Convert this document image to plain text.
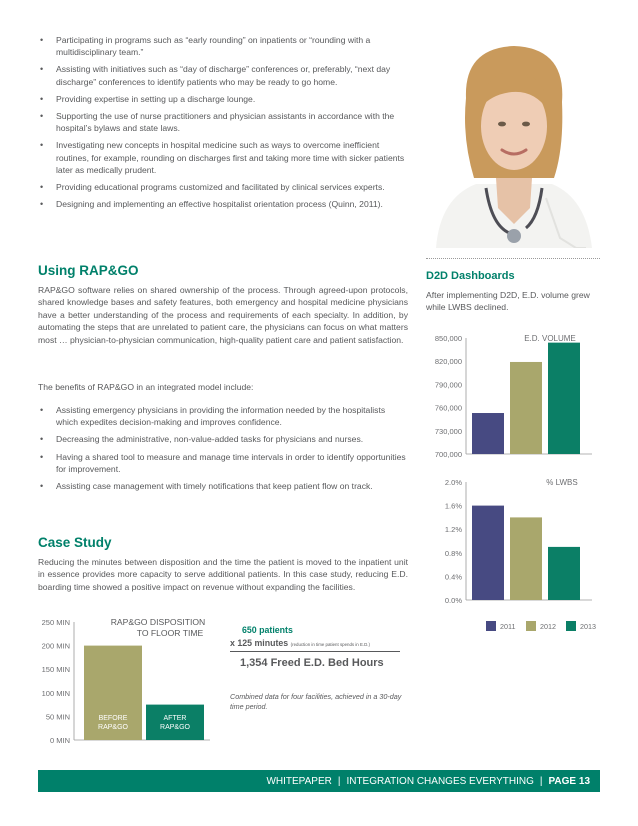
• Participating in programs such as “early rounding” on inpatients or “rounding with a multidisciplinary team.”
• Assisting with initiatives such as “day of discharge” conferences or, preferably, “next day discharge” conferences to identify patients who may be ready to go home.
• Providing expertise in setting up a discharge lounge.
• Supporting the use of nurse practitioners and physician assistants in accordance with the hospital’s bylaws and state laws.
• Investigating new concepts in hospital medicine such as ways to overcome inefficient routines, for example, rounding on discharges first and taking more time with sicker patients later as medically prudent.
• Providing educational programs customized and facilitated by clinical services experts.
• Designing and implementing an effective hospitalist orientation process (Quinn, 2011).
Using RAP&GO

RAP&GO software relies on shared ownership of the process. Through agreed-upon protocols, shared knowledge bases and safety features, both emergency and hospital medicine physicians have a better understanding of the process and requirements of each specialty. In addition, by automating the steps that are unrelated to patient care, the physicians can focus on what matters most … physician-to-physician communication, high-quality patient care and patient satisfaction.

The benefits of RAP&GO in an integrated model include:

• Assisting emergency physicians in providing the information needed by the hospitalists which expedites decision-making and improves confidence.
• Decreasing the administrative, non-value-added tasks for physicians and nurses.
• Having a shared tool to measure and manage time intervals in order to identify opportunities for improvement.
• Assisting case management with timely notifications that keep patient flow on track.
Case Study

Reducing the minutes between disposition and the time the patient is moved to the inpatient unit in essence provides more capacity to serve additional patients. In this case study, reducing E.D. boarding time showed a positive impact on revenue without expanding the facilities.

D2D Dashboards

After implementing D2D, E.D. volume grew while LWBS declined.

850,000
820,000
790,000
760,000
730,000
700,000
E.D. VOLUME
2.0%
1.6%
1.2%
0.8%
0.4%
0.0%
% LWBS
2011	2012	2013
250 MIN
200 MIN
150 MIN
100 MIN
50 MIN
0 MIN
RAP&GO DISPOSITION TO FLOOR TIME
BEFORE RAP&GO
AFTER RAP&GO
650 patients
x 125 minutes (reduction in time patient spends in E.D.)
1,354 Freed E.D. Bed Hours
Combined data for four facilities, achieved in a 30-day time period.
WHITEPAPER | INTEGRATION CHANGES EVERYTHING | PAGE 13
